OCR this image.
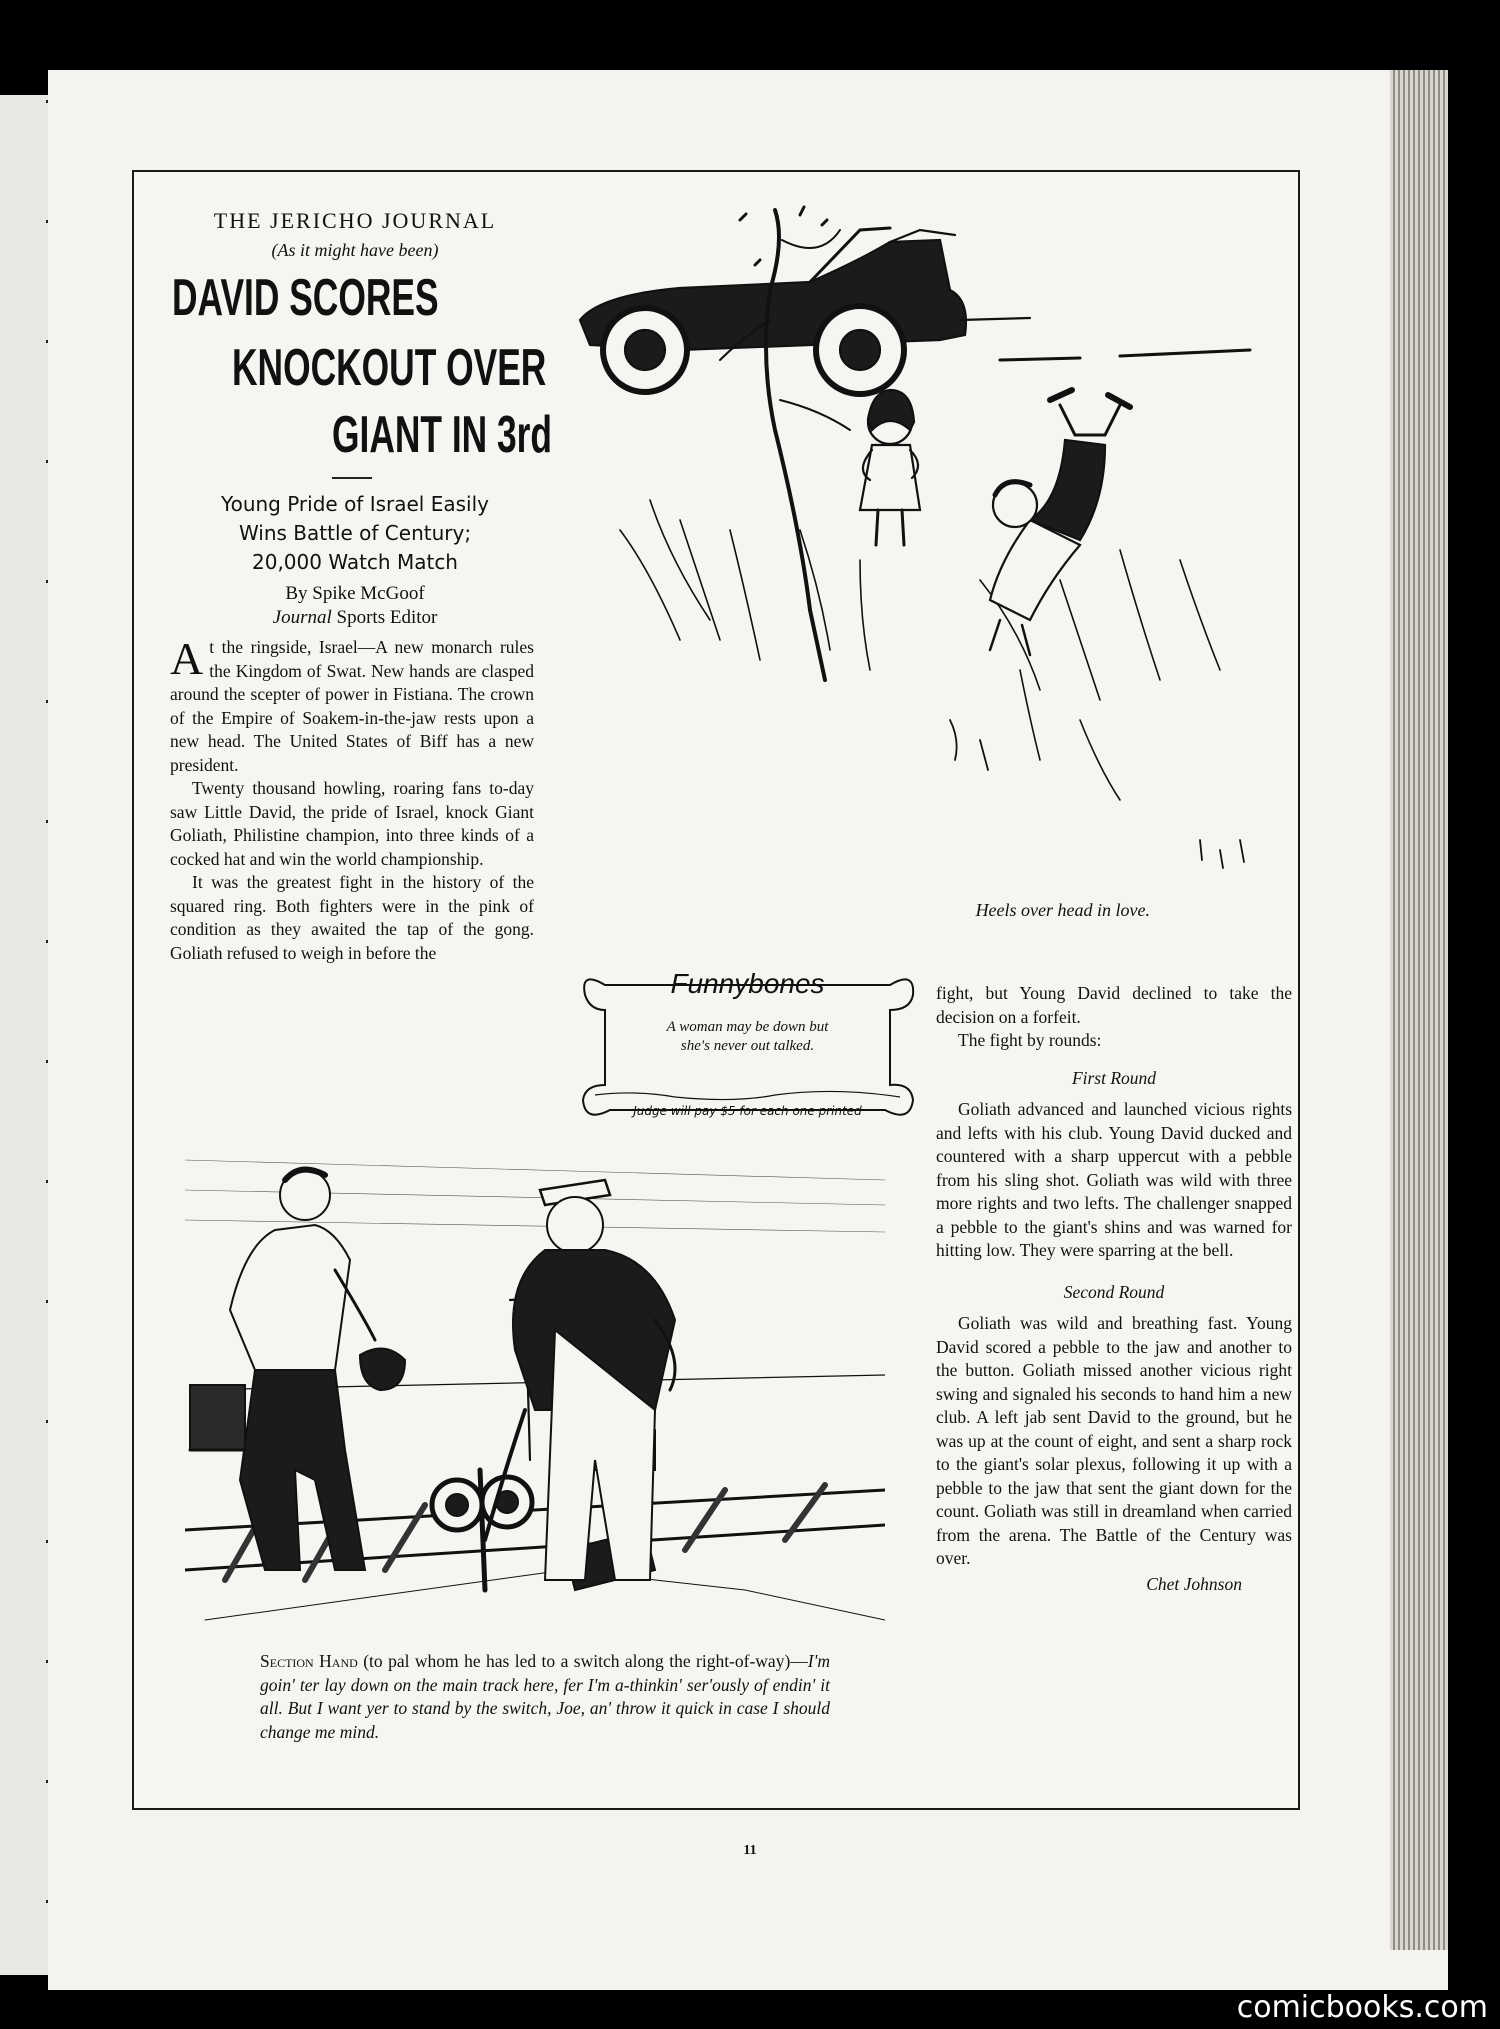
THE JERICHO JOURNAL
(As it might have been)
DAVID SCORES
KNOCKOUT OVER
GIANT IN 3rd
Young Pride of Israel Easily
Wins Battle of Century;
20,000 Watch Match
By Spike McGoof
Journal Sports Editor

At the ringside, Israel—A new monarch rules the Kingdom of Swat. New hands are clasped around the scepter of power in Fistiana. The crown of the Empire of Soakem-in-the-jaw rests upon a new head. The United States of Biff has a new president.

Twenty thousand howling, roaring fans to-day saw Little David, the pride of Israel, knock Giant Goliath, Philistine champion, into three kinds of a cocked hat and win the world championship.

It was the greatest fight in the history of the squared ring. Both fighters were in the pink of condition as they awaited the tap of the gong. Goliath refused to weigh in before the

fight, but Young David declined to take the decision on a forfeit.

The fight by rounds:

First Round

Goliath advanced and launched vicious rights and lefts with his club. Young David ducked and countered with a sharp uppercut with a pebble from his sling shot. Goliath was wild with three more rights and two lefts. The challenger snapped a pebble to the giant's shins and was warned for hitting low. They were sparring at the bell.

Second Round

Goliath was wild and breathing fast. Young David scored a pebble to the jaw and another to the button. Goliath missed another vicious right swing and signaled his seconds to hand him a new club. A left jab sent David to the ground, but he was up at the count of eight, and sent a sharp rock to the giant's solar plexus, following it up with a pebble to the jaw that sent the giant down for the count. Goliath was still in dreamland when carried from the arena. The Battle of the Century was over.

Chet Johnson
Heels over head in love.
Funnybones
A woman may be down but
she's never out talked.
Judge will pay $5 for each one printed
Section Hand (to pal whom he has led to a switch along the right-of-way)—I'm goin' ter lay down on the main track here, fer I'm a-thinkin' ser'ously of endin' it all. But I want yer to stand by the switch, Joe, an' throw it quick in case I should change me mind.
11
comicbooks.com
